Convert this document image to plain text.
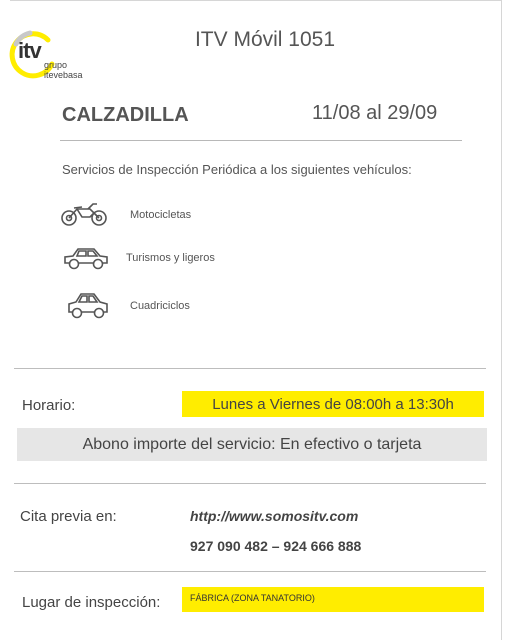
itv
grupo
itevebasa
ITV Móvil 1051
CALZADILLA	11/08 al 29/09
Servicios de Inspección Periódica a los siguientes vehículos:
Motocicletas
Turismos y ligeros
Cuadriciclos
Horario:	Lunes a Viernes de 08:00h a 13:30h
Abono importe del servicio: En efectivo o tarjeta
Cita previa en:	http://www.somositv.com
927 090 482 – 924 666 888
Lugar de inspección:	FÁBRICA (ZONA TANATORIO)
